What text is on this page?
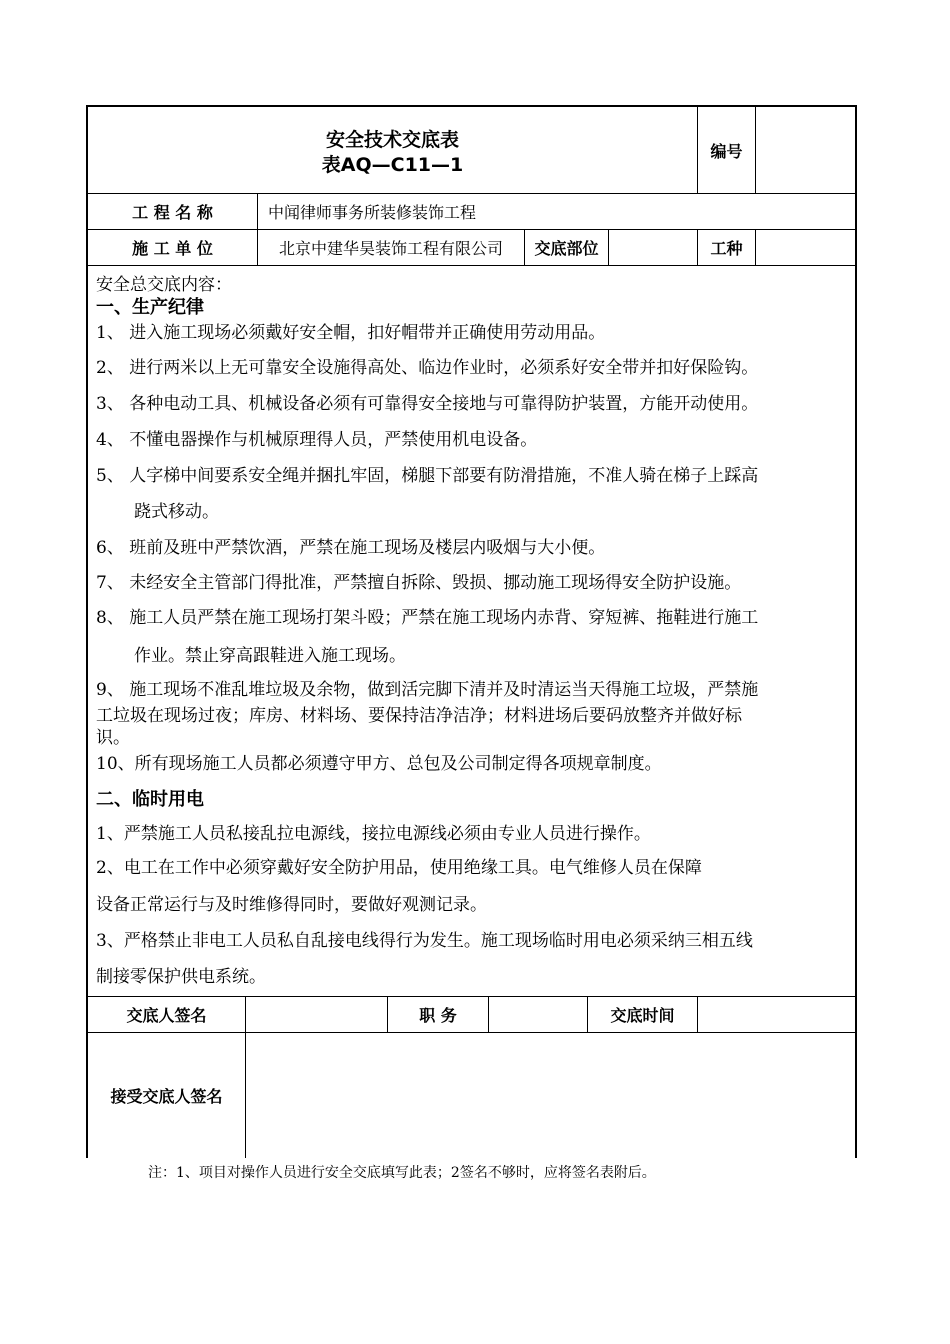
安全技术交底表
表AQ—C11—1
编号
工 程 名 称	中闻律师事务所装修装饰工程
施 工 单 位	北京中建华昊装饰工程有限公司	交底部位	工种
安全总交底内容：
一、生产纪律
1、 进入施工现场必须戴好安全帽，扣好帽带并正确使用劳动用品。
2、 进行两米以上无可靠安全设施得高处、临边作业时，必须系好安全带并扣好保险钩。
3、 各种电动工具、机械设备必须有可靠得安全接地与可靠得防护装置，方能开动使用。
4、 不懂电器操作与机械原理得人员，严禁使用机电设备。
5、 人字梯中间要系安全绳并捆扎牢固，梯腿下部要有防滑措施，不准人骑在梯子上踩高
跷式移动。
6、 班前及班中严禁饮酒，严禁在施工现场及楼层内吸烟与大小便。
7、 未经安全主管部门得批准，严禁擅自拆除、毁损、挪动施工现场得安全防护设施。
8、 施工人员严禁在施工现场打架斗殴；严禁在施工现场内赤背、穿短裤、拖鞋进行施工
作业。禁止穿高跟鞋进入施工现场。
9、 施工现场不准乱堆垃圾及余物，做到活完脚下清并及时清运当天得施工垃圾，严禁施
工垃圾在现场过夜；库房、材料场、要保持洁净洁净；材料进场后要码放整齐并做好标
识。
10、所有现场施工人员都必须遵守甲方、总包及公司制定得各项规章制度。
二、临时用电
1、严禁施工人员私接乱拉电源线，接拉电源线必须由专业人员进行操作。
2、电工在工作中必须穿戴好安全防护用品，使用绝缘工具。电气维修人员在保障
设备正常运行与及时维修得同时，要做好观测记录。
3、严格禁止非电工人员私自乱接电线得行为发生。施工现场临时用电必须采纳三相五线
制接零保护供电系统。
交底人签名	职 务	交底时间
接受交底人签名
注：1、项目对操作人员进行安全交底填写此表；2签名不够时，应将签名表附后。
